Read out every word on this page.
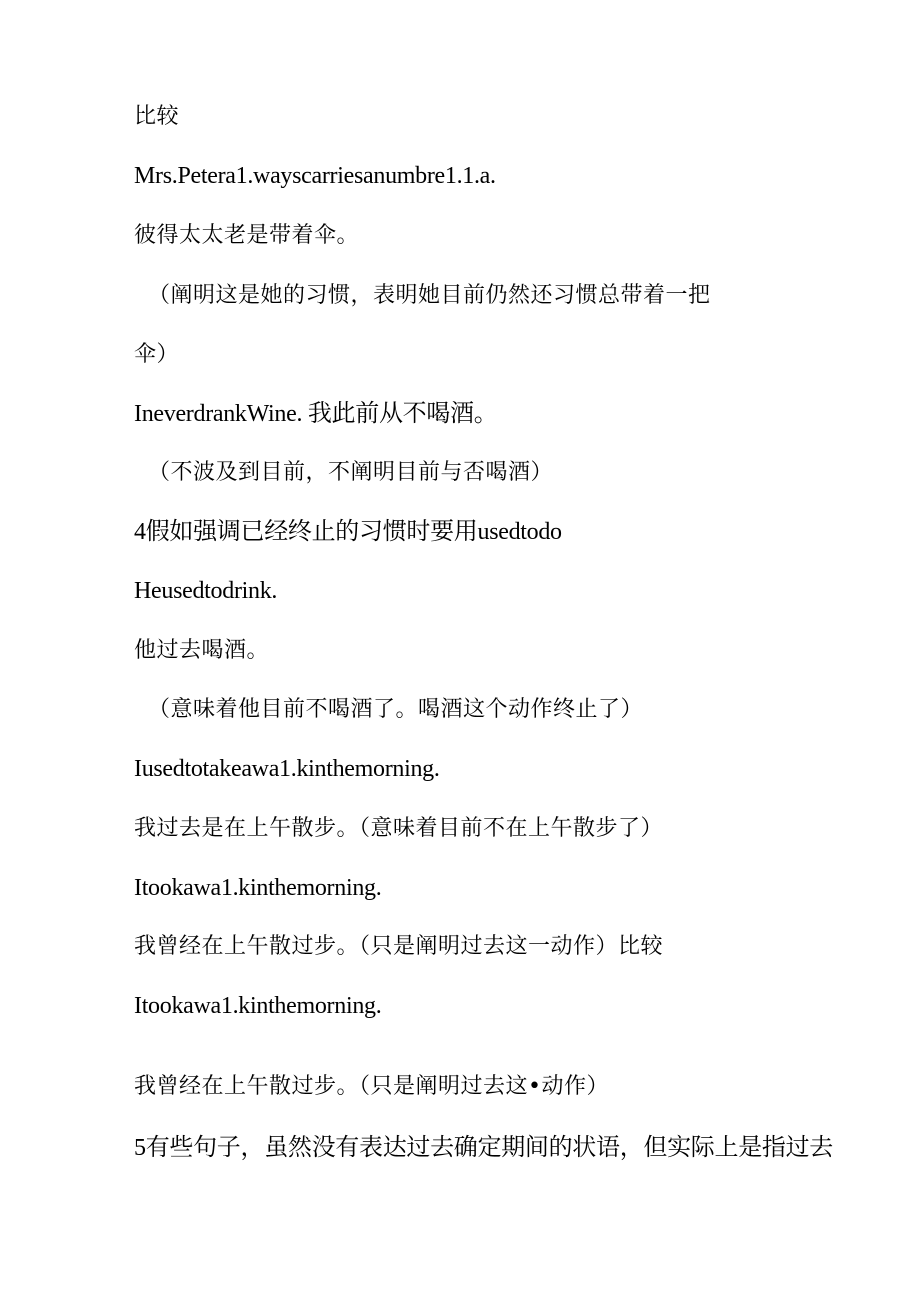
比较
Mrs.Petera1.wayscarriesanumbre1.1.a.
彼得太太老是带着伞。
（阐明这是她的习惯，表明她目前仍然还习惯总带着一把
伞）
IneverdrankWine. 我此前从不喝酒。
（不波及到目前，不阐明目前与否喝酒）
4假如强调已经终止的习惯时要用usedtodo
Heusedtodrink.
他过去喝酒。
（意味着他目前不喝酒了。喝酒这个动作终止了）
Iusedtotakeawa1.kinthemorning.
我过去是在上午散步。（意味着目前不在上午散步了）
Itookawa1.kinthemorning.
我曾经在上午散过步。（只是阐明过去这一动作）比较
Itookawa1.kinthemorning.
我曾经在上午散过步。（只是阐明过去这•动作）
5有些句子，虽然没有表达过去确定期间的状语，但实际上是指过去
